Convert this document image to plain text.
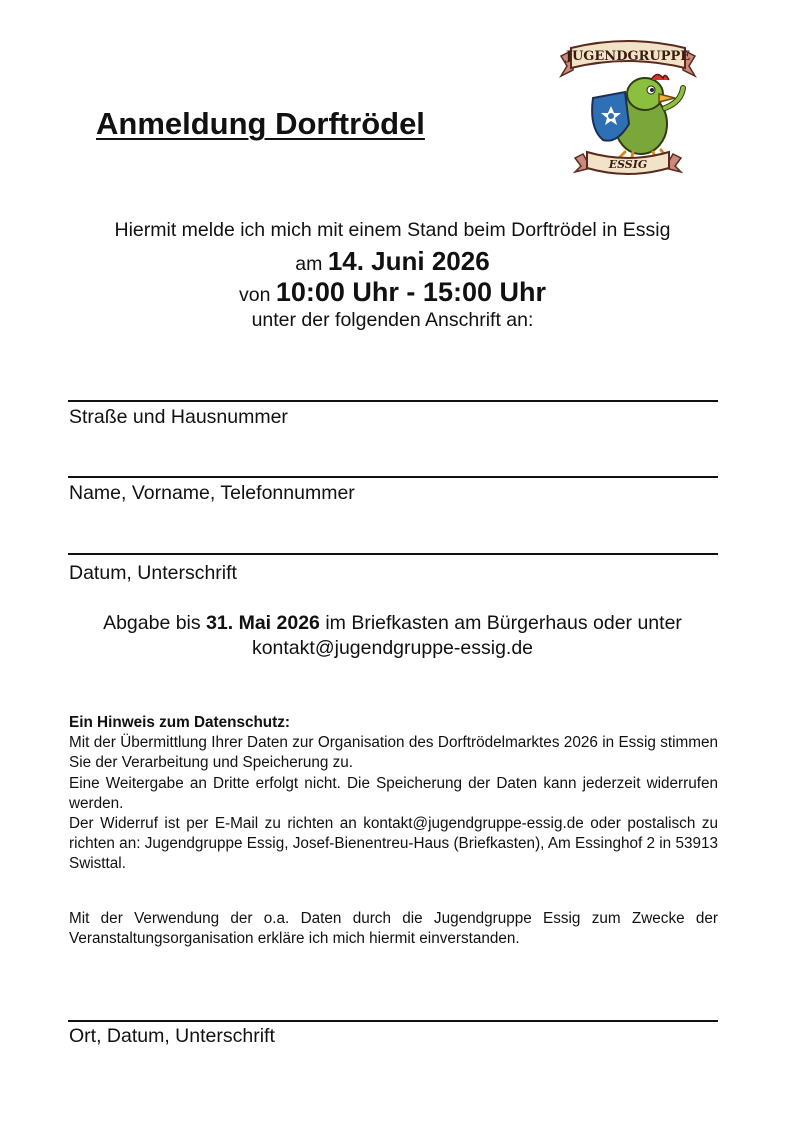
Anmeldung Dorftrödel
JUGENDGRUPPE
ESSIG
Hiermit melde ich mich mit einem Stand beim Dorftrödel in Essig
am 14. Juni 2026
von 10:00 Uhr - 15:00 Uhr
unter der folgenden Anschrift an:
Straße und Hausnummer
Name, Vorname, Telefonnummer
Datum, Unterschrift
Abgabe bis 31. Mai 2026 im Briefkasten am Bürgerhaus oder unter
kontakt@jugendgruppe-essig.de
Ein Hinweis zum Datenschutz:

Mit der Übermittlung Ihrer Daten zur Organisation des Dorftrödelmarktes 2026 in Essig stimmen Sie der Verarbeitung und Speicherung zu.

Eine Weitergabe an Dritte erfolgt nicht. Die Speicherung der Daten kann jederzeit widerrufen werden.

Der Widerruf ist per E-Mail zu richten an kontakt@jugendgruppe-essig.de oder postalisch zu richten an: Jugendgruppe Essig, Josef-Bienentreu-Haus (Briefkasten), Am Essinghof 2 in 53913 Swisttal.

Mit der Verwendung der o.a. Daten durch die Jugendgruppe Essig zum Zwecke der Veranstaltungsorganisation erkläre ich mich hiermit einverstanden.
Ort, Datum, Unterschrift
